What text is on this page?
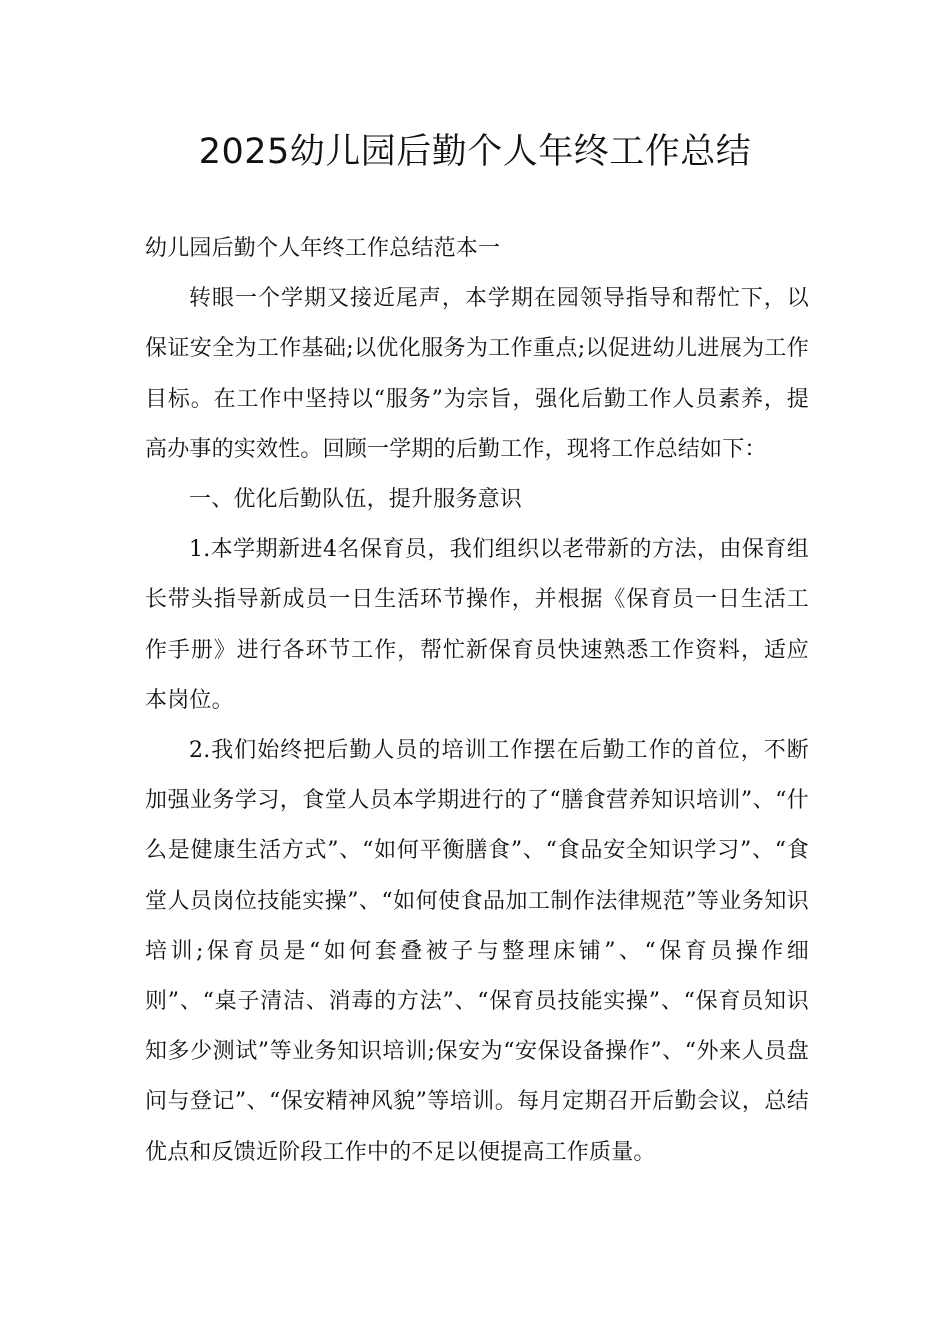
2025幼儿园后勤个人年终工作总结

幼儿园后勤个人年终工作总结范本一

转眼一个学期又接近尾声，本学期在园领导指导和帮忙下，以保证安全为工作基础;以优化服务为工作重点;以促进幼儿进展为工作目标。在工作中坚持以“服务”为宗旨，强化后勤工作人员素养，提高办事的实效性。回顾一学期的后勤工作，现将工作总结如下：

一、优化后勤队伍，提升服务意识

1.本学期新进4名保育员，我们组织以老带新的方法，由保育组长带头指导新成员一日生活环节操作，并根据《保育员一日生活工作手册》进行各环节工作，帮忙新保育员快速熟悉工作资料，适应本岗位。

2.我们始终把后勤人员的培训工作摆在后勤工作的首位，不断加强业务学习，食堂人员本学期进行的了“膳食营养知识培训”、“什么是健康生活方式”、“如何平衡膳食”、“食品安全知识学习”、“食堂人员岗位技能实操”、“如何使食品加工制作法律规范”等业务知识培训;保育员是“如何套叠被子与整理床铺”、“保育员操作细则”、“桌子清洁、消毒的方法”、“保育员技能实操”、“保育员知识知多少测试”等业务知识培训;保安为“安保设备操作”、“外来人员盘问与登记”、“保安精神风貌”等培训。每月定期召开后勤会议，总结优点和反馈近阶段工作中的不足以便提高工作质量。
